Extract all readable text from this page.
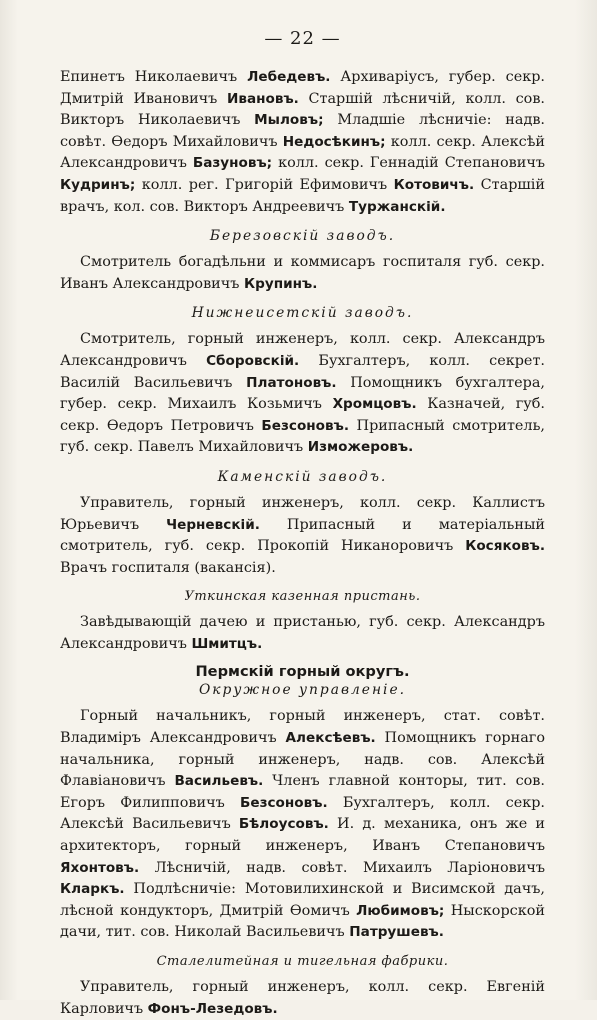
— 22 —

Епинетъ Николаевичъ Лебедевъ. Архиваріусъ, губер. секр. Дмитрій Ивановичъ Ивановъ. Старшій лѣсничій, колл. сов. Викторъ Николаевичъ Мыловъ; Младшіе лѣсничіе: надв. совѣт. Ѳедоръ Михайловичъ Недосѣкинъ; колл. секр. Алексѣй Александровичъ Базуновъ; колл. секр. Геннадій Степановичъ Кудринъ; колл. рег. Григорій Ефимовичъ Котовичъ. Старшій врачъ, кол. сов. Викторъ Андреевичъ Туржанскій.

Березовскій заводъ.

Смотритель богадѣльни и коммисаръ госпиталя губ. секр. Иванъ Александровичъ Крупинъ.

Нижнеисетскій заводъ.

Смотритель, горный инженеръ, колл. секр. Александръ Александровичъ Сборовскій. Бухгалтеръ, колл. секрет. Василій Васильевичъ Платоновъ. Помощникъ бухгалтера, губер. секр. Михаилъ Козьмичъ Хромцовъ. Казначей, губ. секр. Ѳедоръ Петровичъ Безсоновъ. Припасный смотритель, губ. секр. Павелъ Михайловичъ Изможеровъ.

Каменскій заводъ.

Управитель, горный инженеръ, колл. секр. Каллистъ Юрьевичъ Черневскій. Припасный и матеріальный смотритель, губ. секр. Прокопій Никаноровичъ Косяковъ. Врачъ госпиталя (вакансія).

Уткинская казенная пристань.

Завѣдывающій дачею и пристанью, губ. секр. Александръ Александровичъ Шмитцъ.

Пермскій горный округъ.
Окружное управленіе.

Горный начальникъ, горный инженеръ, стат. совѣт. Владиміръ Александровичъ Алексѣевъ. Помощникъ горнаго начальника, горный инженеръ, надв. сов. Алексѣй Флавіановичъ Васильевъ. Членъ главной конторы, тит. сов. Егоръ Филипповичъ Безсоновъ. Бухгалтеръ, колл. секр. Алексѣй Васильевичъ Бѣлоусовъ. И. д. механика, онъ же и архитекторъ, горный инженеръ, Иванъ Степановичъ Яхонтовъ. Лѣсничій, надв. совѣт. Михаилъ Ларіоновичъ Кларкъ. Подлѣсничіе: Мотовилихинской и Висимской дачъ, лѣсной кондукторъ, Дмитрій Ѳомичъ Любимовъ; Ныскорской дачи, тит. сов. Николай Васильевичъ Патрушевъ.

Сталелитейная и тигельная фабрики.

Управитель, горный инженеръ, колл. секр. Евгеній Карловичъ Фонъ-Лезедовъ.
